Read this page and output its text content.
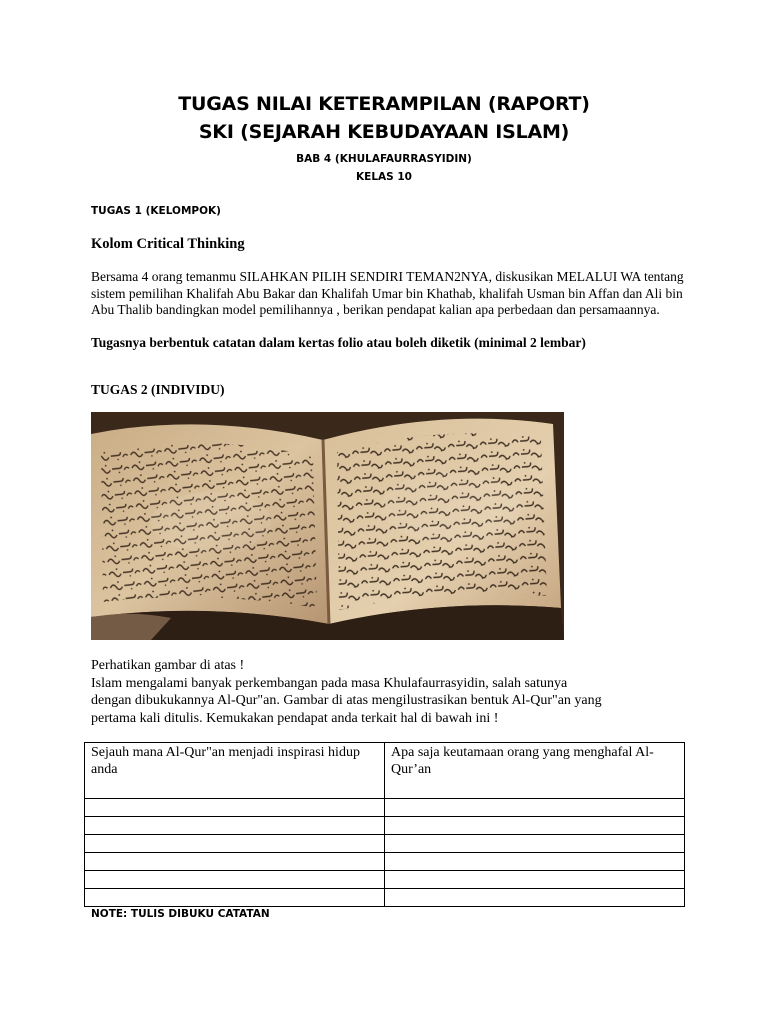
TUGAS NILAI KETERAMPILAN (RAPORT)
SKI (SEJARAH KEBUDAYAAN ISLAM)
BAB 4 (KHULAFAURRASYIDIN)
KELAS 10
TUGAS 1 (KELOMPOK)
Kolom Critical Thinking
Bersama 4 orang temanmu SILAHKAN PILIH SENDIRI TEMAN2NYA, diskusikan MELALUI WA tentang sistem pemilihan Khalifah Abu Bakar dan Khalifah Umar bin Khathab, khalifah Usman bin Affan dan Ali bin Abu Thalib bandingkan model pemilihannya , berikan pendapat kalian apa perbedaan dan persamaannya.
Tugasnya berbentuk catatan dalam kertas folio atau boleh diketik (minimal 2 lembar)
TUGAS 2 (INDIVIDU)
Perhatikan gambar di atas !
Islam mengalami banyak perkembangan pada masa Khulafaurrasyidin, salah satunya
dengan dibukukannya Al-Qur"an. Gambar di atas mengilustrasikan bentuk Al-Qur"an yang
pertama kali ditulis. Kemukakan pendapat anda terkait hal di bawah ini !
Sejauh mana Al-Qur"an menjadi inspirasi hidup anda	Apa saja keutamaan orang yang menghafal Al-Qur’an

NOTE: TULIS DIBUKU CATATAN
